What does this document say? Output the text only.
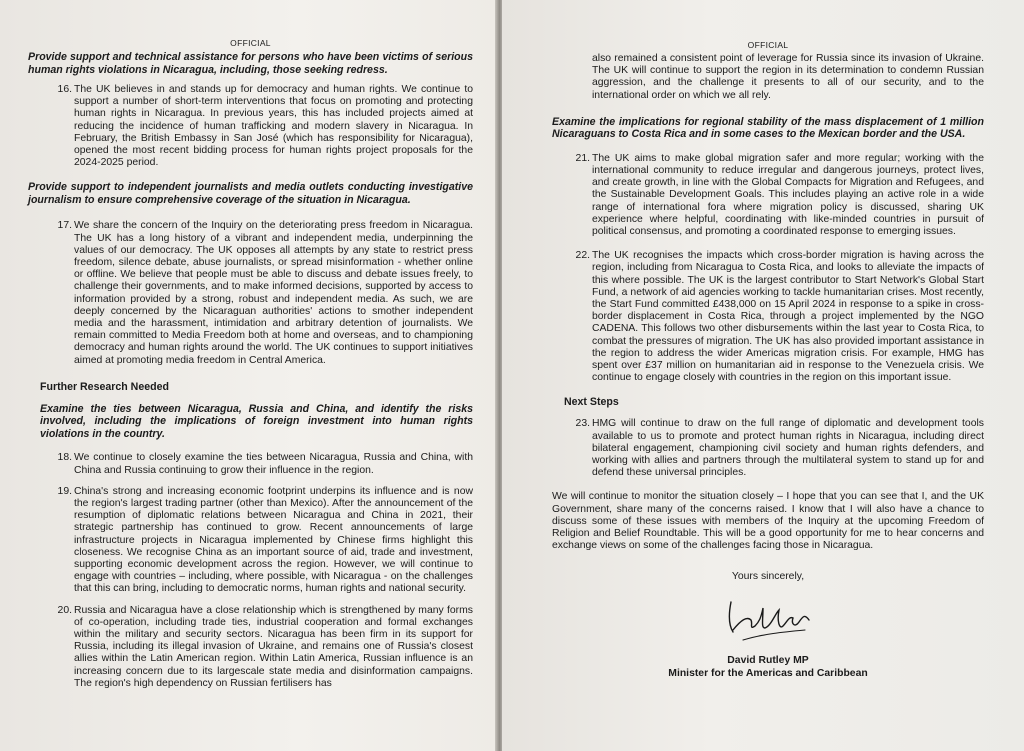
OFFICIAL

Provide support and technical assistance for persons who have been victims of serious human rights violations in Nicaragua, including, those seeking redress.

16. The UK believes in and stands up for democracy and human rights. We continue to support a number of short-term interventions that focus on promoting and protecting human rights in Nicaragua. In previous years, this has included projects aimed at reducing the incidence of human trafficking and modern slavery in Nicaragua. In February, the British Embassy in San José (which has responsibility for Nicaragua), opened the most recent bidding process for human rights project proposals for the 2024-2025 period.

Provide support to independent journalists and media outlets conducting investigative journalism to ensure comprehensive coverage of the situation in Nicaragua.

17. We share the concern of the Inquiry on the deteriorating press freedom in Nicaragua. The UK has a long history of a vibrant and independent media, underpinning the values of our democracy. The UK opposes all attempts by any state to restrict press freedom, silence debate, abuse journalists, or spread misinformation - whether online or offline. We believe that people must be able to discuss and debate issues freely, to challenge their governments, and to make informed decisions, supported by access to information provided by a strong, robust and independent media. As such, we are deeply concerned by the Nicaraguan authorities' actions to smother independent media and the harassment, intimidation and arbitrary detention of journalists. We remain committed to Media Freedom both at home and overseas, and to championing democracy and human rights around the world. The UK continues to support initiatives aimed at promoting media freedom in Central America.

Further Research Needed

Examine the ties between Nicaragua, Russia and China, and identify the risks involved, including the implications of foreign investment into human rights violations in the country.

18. We continue to closely examine the ties between Nicaragua, Russia and China, with China and Russia continuing to grow their influence in the region.
19. China's strong and increasing economic footprint underpins its influence and is now the region's largest trading partner (other than Mexico). After the announcement of the resumption of diplomatic relations between Nicaragua and China in 2021, their strategic partnership has continued to grow. Recent announcements of large infrastructure projects in Nicaragua implemented by Chinese firms highlight this closeness. We recognise China as an important source of aid, trade and investment, supporting economic development across the region. However, we will continue to engage with countries – including, where possible, with Nicaragua - on the challenges that this can bring, including to democratic norms, human rights and national security.
20. Russia and Nicaragua have a close relationship which is strengthened by many forms of co-operation, including trade ties, industrial cooperation and formal exchanges within the military and security sectors. Nicaragua has been firm in its support for Russia, including its illegal invasion of Ukraine, and remains one of Russia's closest allies within the Latin American region. Within Latin America, Russian influence is an increasing concern due to its largescale state media and disinformation campaigns. The region's high dependency on Russian fertilisers has

OFFICIAL

also remained a consistent point of leverage for Russia since its invasion of Ukraine. The UK will continue to support the region in its determination to condemn Russian aggression, and the challenge it presents to all of our security, and to the international order on which we all rely.

Examine the implications for regional stability of the mass displacement of 1 million Nicaraguans to Costa Rica and in some cases to the Mexican border and the USA.

21. The UK aims to make global migration safer and more regular; working with the international community to reduce irregular and dangerous journeys, protect lives, and create growth, in line with the Global Compacts for Migration and Refugees, and the Sustainable Development Goals. This includes playing an active role in a wide range of international fora where migration policy is discussed, sharing UK experience where helpful, coordinating with like-minded countries in pursuit of political consensus, and promoting a coordinated response to emerging issues.
22. The UK recognises the impacts which cross-border migration is having across the region, including from Nicaragua to Costa Rica, and looks to alleviate the impacts of this where possible. The UK is the largest contributor to Start Network's Global Start Fund, a network of aid agencies working to tackle humanitarian crises. Most recently, the Start Fund committed £438,000 on 15 April 2024 in response to a spike in cross-border displacement in Costa Rica, through a project implemented by the NGO CADENA. This follows two other disbursements within the last year to Costa Rica, to combat the pressures of migration. The UK has also provided important assistance in the region to address the wider Americas migration crisis. For example, HMG has spent over £37 million on humanitarian aid in response to the Venezuela crisis. We continue to engage closely with countries in the region on this important issue.

Next Steps

23. HMG will continue to draw on the full range of diplomatic and development tools available to us to promote and protect human rights in Nicaragua, including direct bilateral engagement, championing civil society and human rights defenders, and working with allies and partners through the multilateral system to stand up for and defend these universal principles.

We will continue to monitor the situation closely – I hope that you can see that I, and the UK Government, share many of the concerns raised. I know that I will also have a chance to discuss some of these issues with members of the Inquiry at the upcoming Freedom of Religion and Belief Roundtable. This will be a good opportunity for me to hear concerns and exchange views on some of the challenges facing those in Nicaragua.

Yours sincerely,

David Rutley MP

Minister for the Americas and Caribbean
